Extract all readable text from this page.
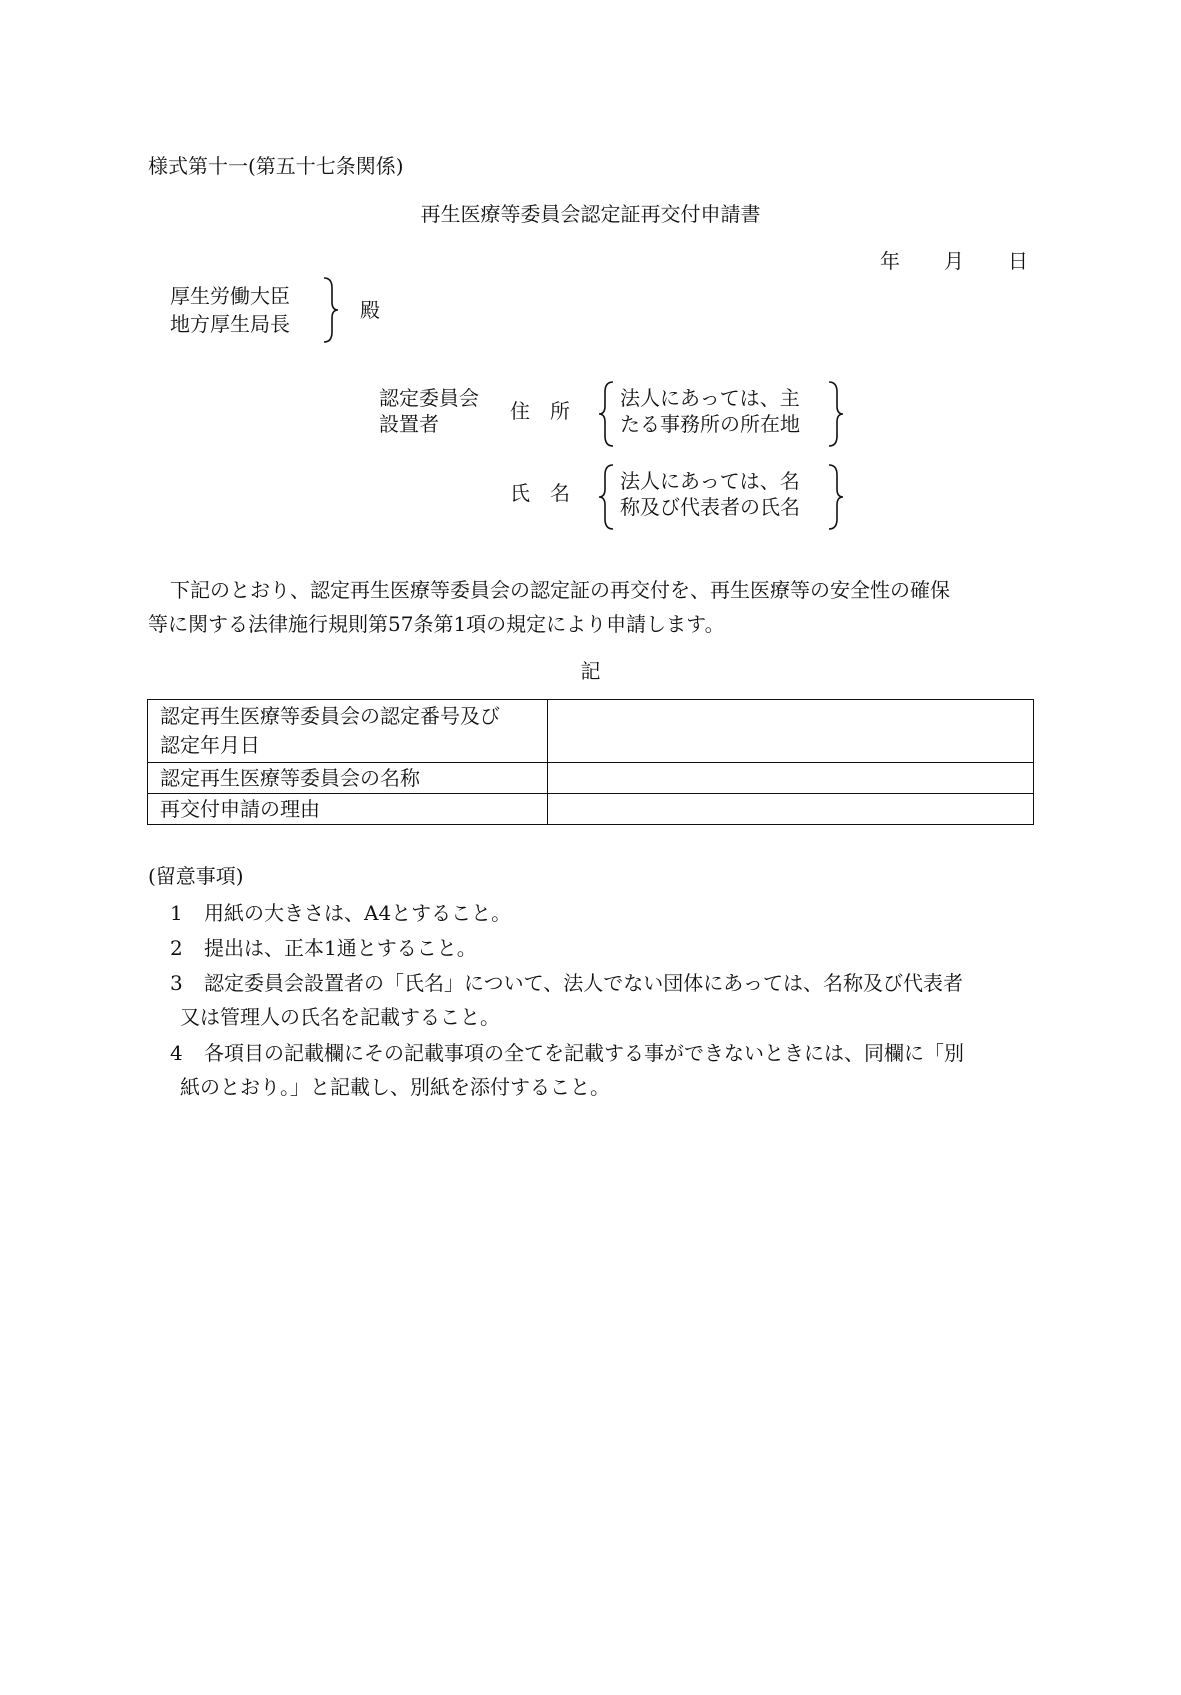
様式第十一(第五十七条関係)
再生医療等委員会認定証再交付申請書
年 月 日
厚生労働大臣
地方厚生局長
殿
認定委員会
設置者
住　所
法人にあっては、主
たる事務所の所在地
氏　名	法人にあっては、名
称及び代表者の氏名
下記のとおり、認定再生医療等委員会の認定証の再交付を、再生医療等の安全性の確保
等に関する法律施行規則第57条第1項の規定により申請します。
記
認定再生医療等委員会の認定番号及び
認定年月日	

認定再生医療等委員会の名称	
再交付申請の理由	
(留意事項)
1 用紙の大きさは、A4とすること。
2 提出は、正本1通とすること。
3 認定委員会設置者の「氏名」について、法人でない団体にあっては、名称及び代表者
又は管理人の氏名を記載すること。
4 各項目の記載欄にその記載事項の全てを記載する事ができないときには、同欄に「別
紙のとおり。」と記載し、別紙を添付すること。
